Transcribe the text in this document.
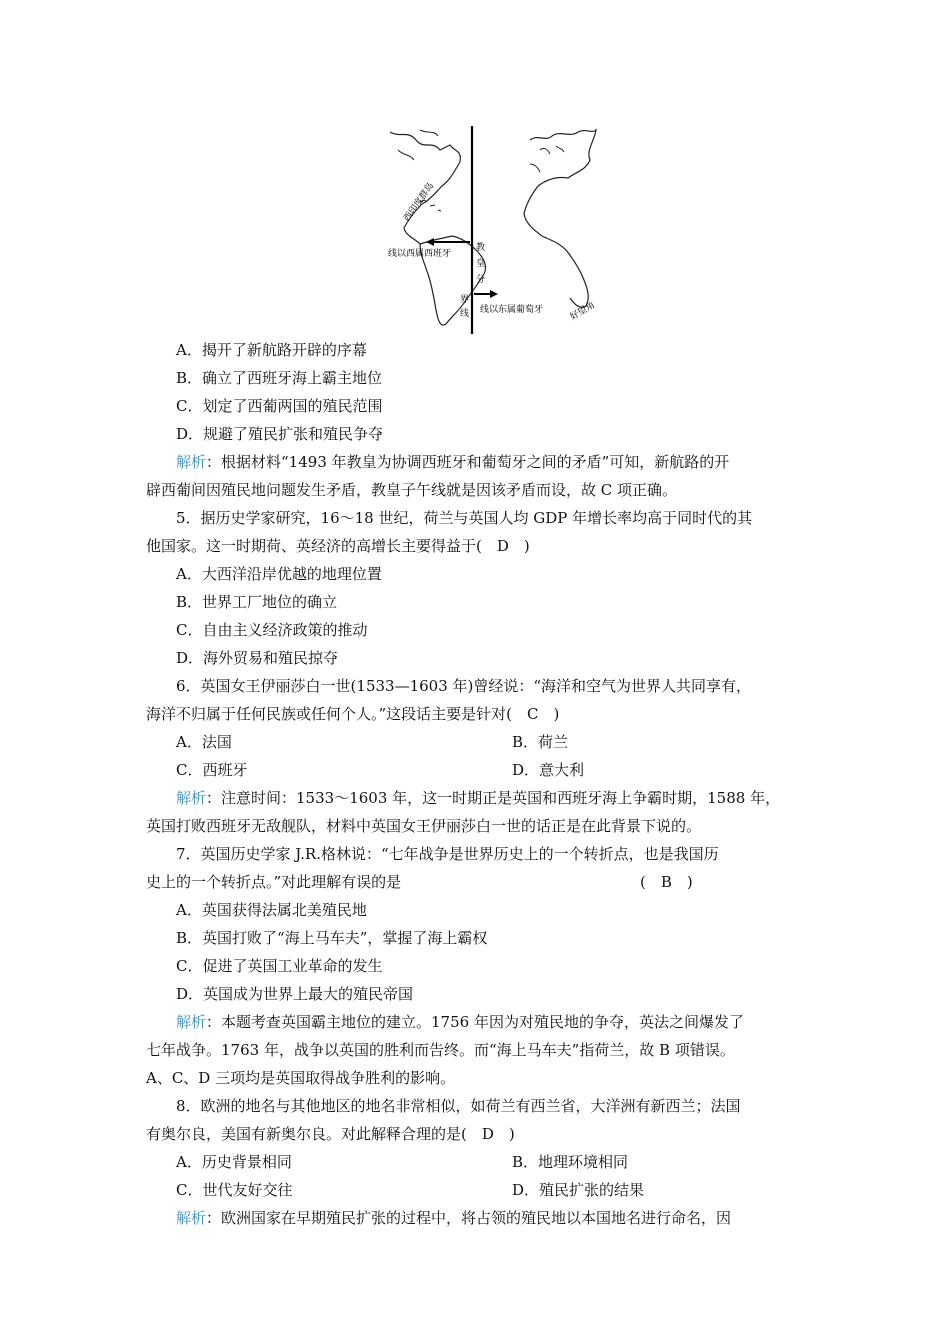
西印度群岛
线以西属西班牙
教
皇
分
界
线 线以东属葡萄牙	好望角
A．揭开了新航路开辟的序幕
B．确立了西班牙海上霸主地位
C．划定了西葡两国的殖民范围
D．规避了殖民扩张和殖民争夺
解析：根据材料“1493 年教皇为协调西班牙和葡萄牙之间的矛盾”可知，新航路的开
辟西葡间因殖民地问题发生矛盾，教皇子午线就是因该矛盾而设，故 C 项正确。
5．据历史学家研究，16～18 世纪，荷兰与英国人均 GDP 年增长率均高于同时代的其
他国家。这一时期荷、英经济的高增长主要得益于(　D　)
A．大西洋沿岸优越的地理位置
B．世界工厂地位的确立
C．自由主义经济政策的推动
D．海外贸易和殖民掠夺
6．英国女王伊丽莎白一世(1533—1603 年)曾经说：“海洋和空气为世界人共同享有，
海洋不归属于任何民族或任何个人。”这段话主要是针对(　C　)
A．法国	B．荷兰
C．西班牙	D．意大利
解析：注意时间：1533～1603 年，这一时期正是英国和西班牙海上争霸时期，1588 年，
英国打败西班牙无敌舰队，材料中英国女王伊丽莎白一世的话正是在此背景下说的。
7．英国历史学家 J.R.格林说：“七年战争是世界历史上的一个转折点，也是我国历
史上的一个转折点。”对此理解有误的是	(　B　)
A．英国获得法属北美殖民地
B．英国打败了“海上马车夫”，掌握了海上霸权
C．促进了英国工业革命的发生
D．英国成为世界上最大的殖民帝国
解析：本题考查英国霸主地位的建立。1756 年因为对殖民地的争夺，英法之间爆发了
七年战争。1763 年，战争以英国的胜利而告终。而“海上马车夫”指荷兰，故 B 项错误。
A、C、D 三项均是英国取得战争胜利的影响。
8．欧洲的地名与其他地区的地名非常相似，如荷兰有西兰省，大洋洲有新西兰；法国
有奥尔良，美国有新奥尔良。对此解释合理的是(　D　)
A．历史背景相同	B．地理环境相同
C．世代友好交往	D．殖民扩张的结果
解析：欧洲国家在早期殖民扩张的过程中，将占领的殖民地以本国地名进行命名，因
